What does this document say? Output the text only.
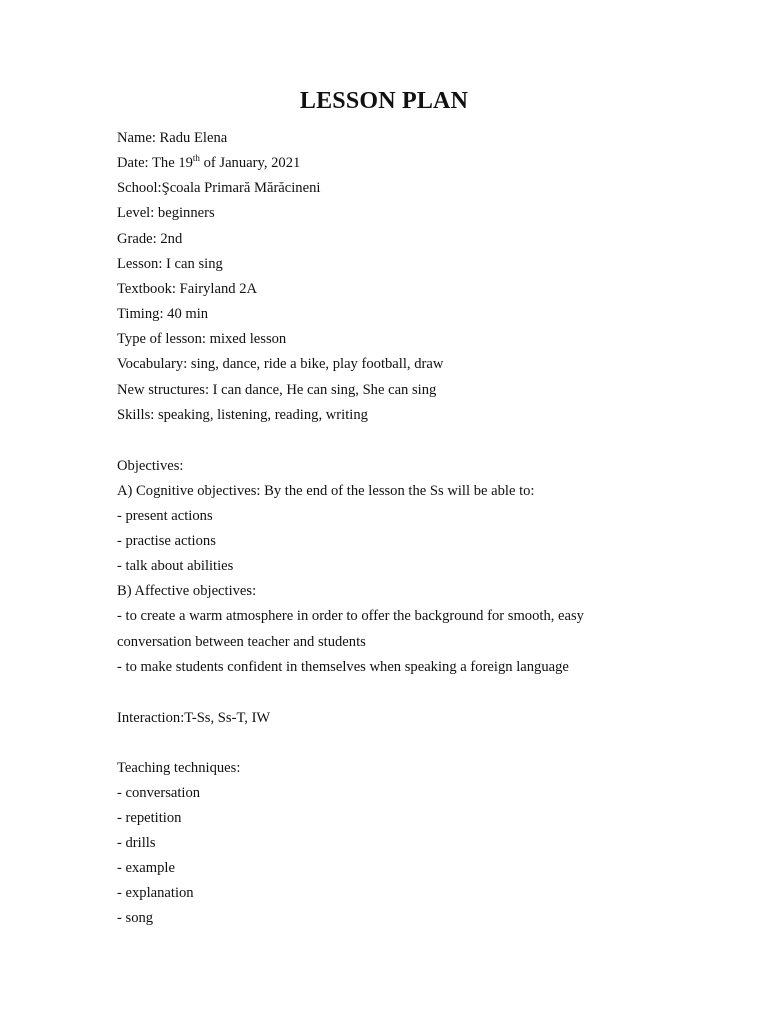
LESSON PLAN
Name: Radu Elena
Date: The 19th of January, 2021
School:Şcoala Primară Mărăcineni
Level: beginners
Grade: 2nd
Lesson: I can sing
Textbook: Fairyland 2A
Timing: 40 min
Type of lesson: mixed lesson
Vocabulary: sing, dance, ride a bike, play football, draw
New structures: I can dance, He can sing, She can sing
Skills: speaking, listening, reading, writing
Objectives:
A) Cognitive objectives: By the end of the lesson the Ss will be able to:
- present actions
- practise actions
- talk about abilities
B) Affective objectives:
- to create a warm atmosphere in order to offer the background for smooth, easy
conversation between teacher and students
- to make students confident in themselves when speaking a foreign language
Interaction:T-Ss, Ss-T, IW
Teaching techniques:
- conversation
- repetition
- drills
- example
- explanation
- song
